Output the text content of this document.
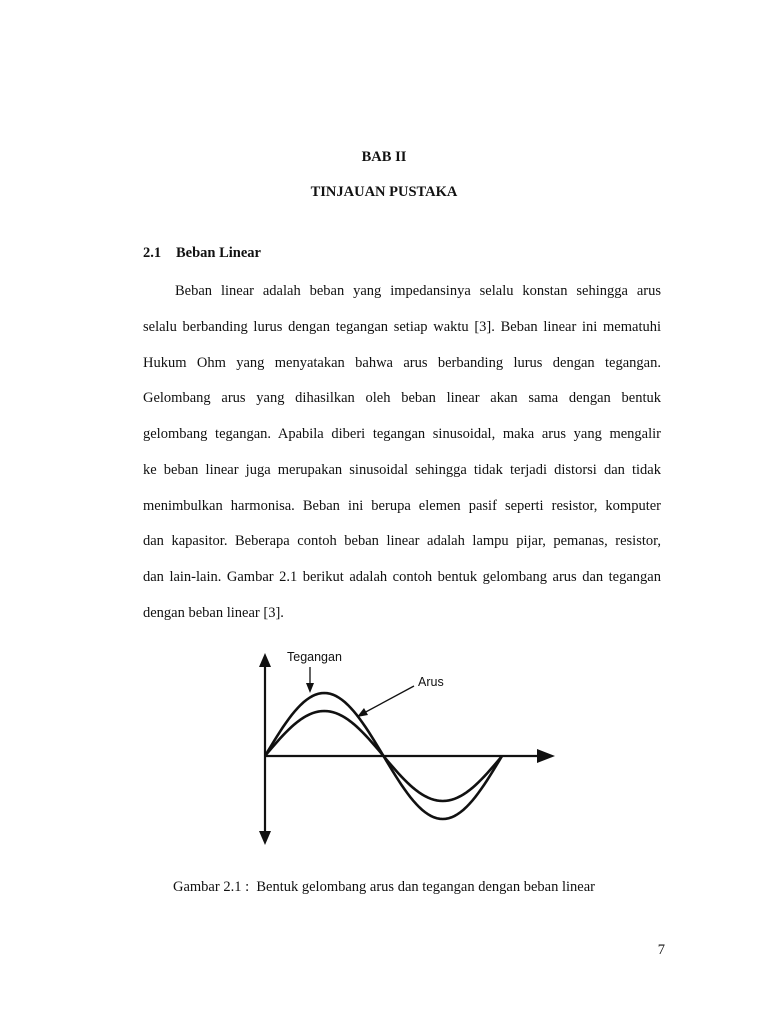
BAB II

TINJAUAN PUSTAKA

2.1 Beban Linear

Beban linear adalah beban yang impedansinya selalu konstan sehingga arus
selalu berbanding lurus dengan tegangan setiap waktu [3]. Beban linear ini mematuhi
Hukum Ohm yang menyatakan bahwa arus berbanding lurus dengan tegangan.
Gelombang arus yang dihasilkan oleh beban linear akan sama dengan bentuk
gelombang tegangan. Apabila diberi tegangan sinusoidal, maka arus yang mengalir
ke beban linear juga merupakan sinusoidal sehingga tidak terjadi distorsi dan tidak
menimbulkan harmonisa. Beban ini berupa elemen pasif seperti resistor, komputer
dan kapasitor. Beberapa contoh beban linear adalah lampu pijar, pemanas, resistor,
dan lain-lain. Gambar 2.1 berikut adalah contoh bentuk gelombang arus dan tegangan
dengan beban linear [3].
Tegangan
Arus

Gambar 2.1 :  Bentuk gelombang arus dan tegangan dengan beban linear

7
